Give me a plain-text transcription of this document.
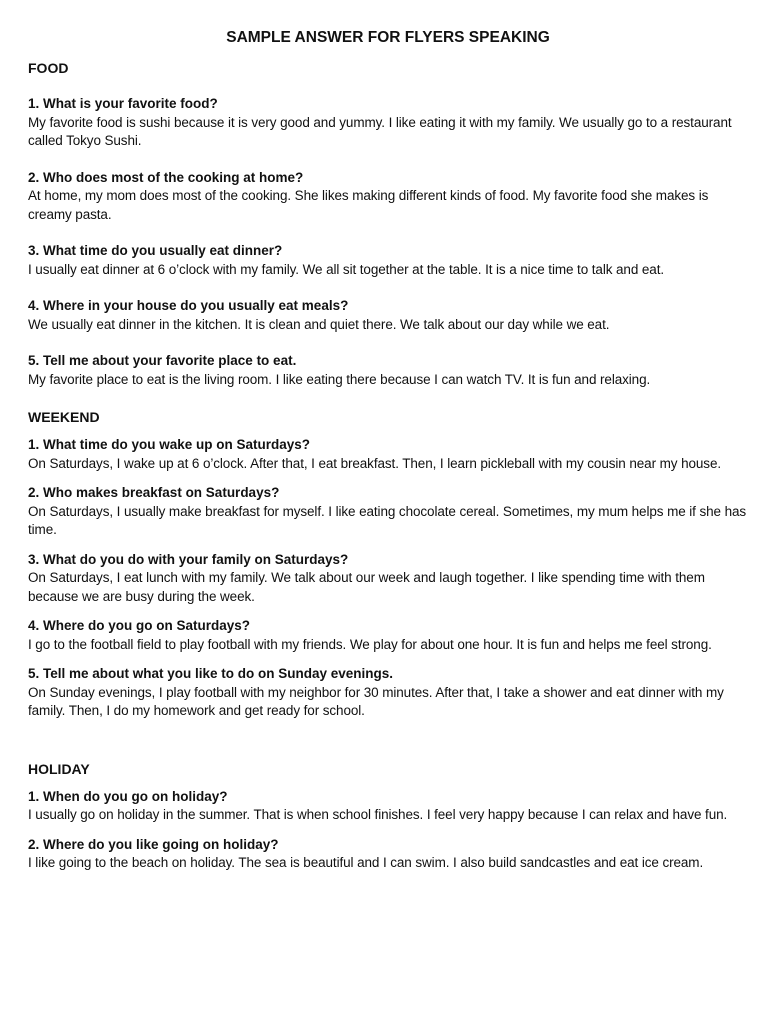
SAMPLE ANSWER FOR FLYERS SPEAKING
FOOD
1. What is your favorite food?
My favorite food is sushi because it is very good and yummy. I like eating it with my family. We usually go to a restaurant called Tokyo Sushi.
2. Who does most of the cooking at home?
At home, my mom does most of the cooking. She likes making different kinds of food. My favorite food she makes is creamy pasta.
3. What time do you usually eat dinner?
I usually eat dinner at 6 o’clock with my family. We all sit together at the table. It is a nice time to talk and eat.
4. Where in your house do you usually eat meals?
We usually eat dinner in the kitchen. It is clean and quiet there. We talk about our day while we eat.
5. Tell me about your favorite place to eat.
My favorite place to eat is the living room. I like eating there because I can watch TV. It is fun and relaxing.
WEEKEND
1. What time do you wake up on Saturdays?
On Saturdays, I wake up at 6 o’clock. After that, I eat breakfast. Then, I learn pickleball with my cousin near my house.
2. Who makes breakfast on Saturdays?
On Saturdays, I usually make breakfast for myself. I like eating chocolate cereal. Sometimes, my mum helps me if she has time.
3. What do you do with your family on Saturdays?
On Saturdays, I eat lunch with my family. We talk about our week and laugh together. I like spending time with them because we are busy during the week.
4. Where do you go on Saturdays?
I go to the football field to play football with my friends. We play for about one hour. It is fun and helps me feel strong.
5. Tell me about what you like to do on Sunday evenings.
On Sunday evenings, I play football with my neighbor for 30 minutes. After that, I take a shower and eat dinner with my family. Then, I do my homework and get ready for school.
HOLIDAY
1. When do you go on holiday?
I usually go on holiday in the summer. That is when school finishes. I feel very happy because I can relax and have fun.
2. Where do you like going on holiday?
I like going to the beach on holiday. The sea is beautiful and I can swim. I also build sandcastles and eat ice cream.
